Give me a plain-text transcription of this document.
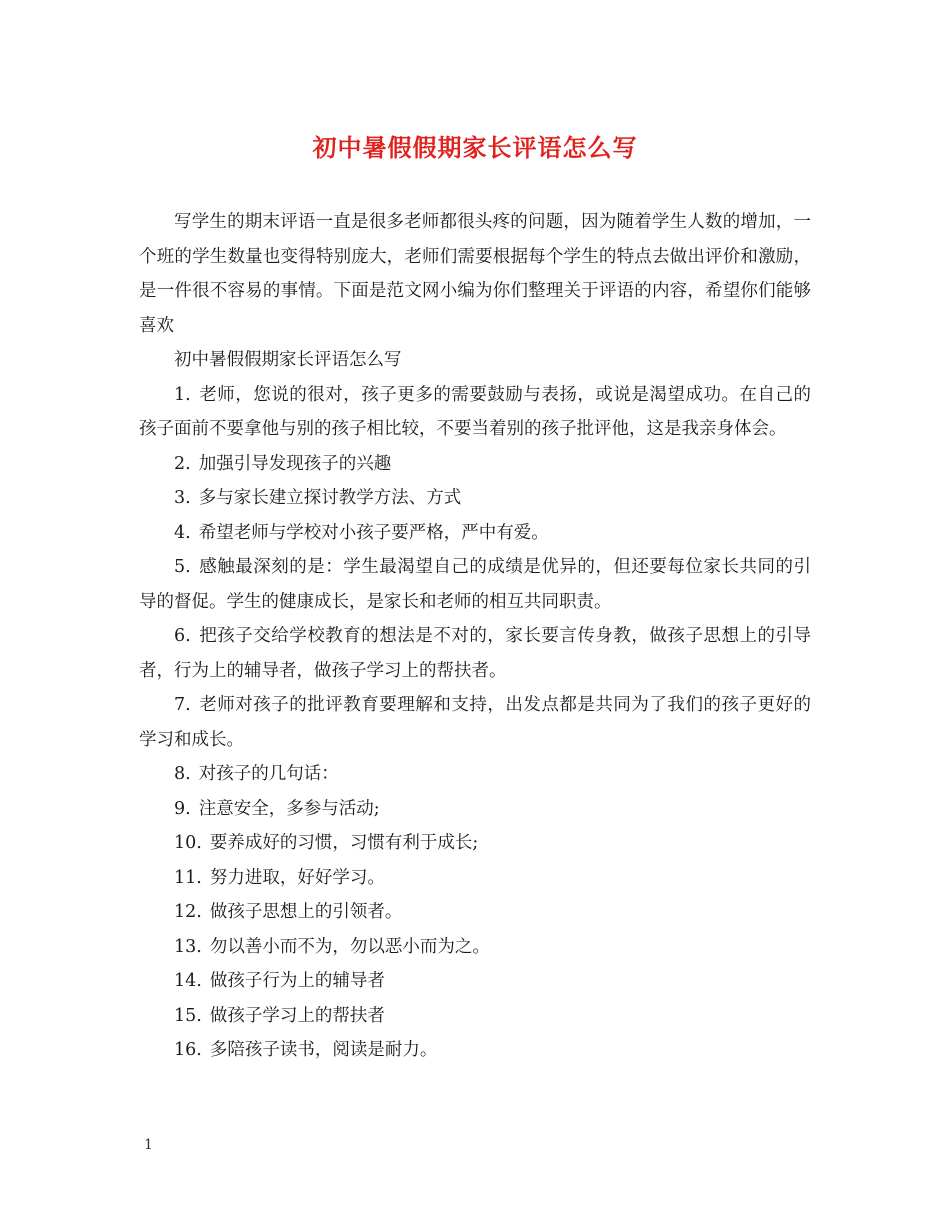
初中暑假假期家长评语怎么写

写学生的期末评语一直是很多老师都很头疼的问题，因为随着学生人数的增加，一个班的学生数量也变得特别庞大，老师们需要根据每个学生的特点去做出评价和激励，是一件很不容易的事情。下面是范文网小编为你们整理关于评语的内容，希望你们能够喜欢

初中暑假假期家长评语怎么写

1. 老师，您说的很对，孩子更多的需要鼓励与表扬，或说是渴望成功。在自己的孩子面前不要拿他与别的孩子相比较，不要当着别的孩子批评他，这是我亲身体会。

2. 加强引导发现孩子的兴趣

3. 多与家长建立探讨教学方法、方式

4. 希望老师与学校对小孩子要严格，严中有爱。

5. 感触最深刻的是：学生最渴望自己的成绩是优异的，但还要每位家长共同的引导的督促。学生的健康成长，是家长和老师的相互共同职责。

6. 把孩子交给学校教育的想法是不对的，家长要言传身教，做孩子思想上的引导者，行为上的辅导者，做孩子学习上的帮扶者。

7. 老师对孩子的批评教育要理解和支持，出发点都是共同为了我们的孩子更好的学习和成长。

8. 对孩子的几句话：

9. 注意安全，多参与活动;

10. 要养成好的习惯，习惯有利于成长;

11. 努力进取，好好学习。

12. 做孩子思想上的引领者。

13. 勿以善小而不为，勿以恶小而为之。

14. 做孩子行为上的辅导者

15. 做孩子学习上的帮扶者

16. 多陪孩子读书，阅读是耐力。

1
